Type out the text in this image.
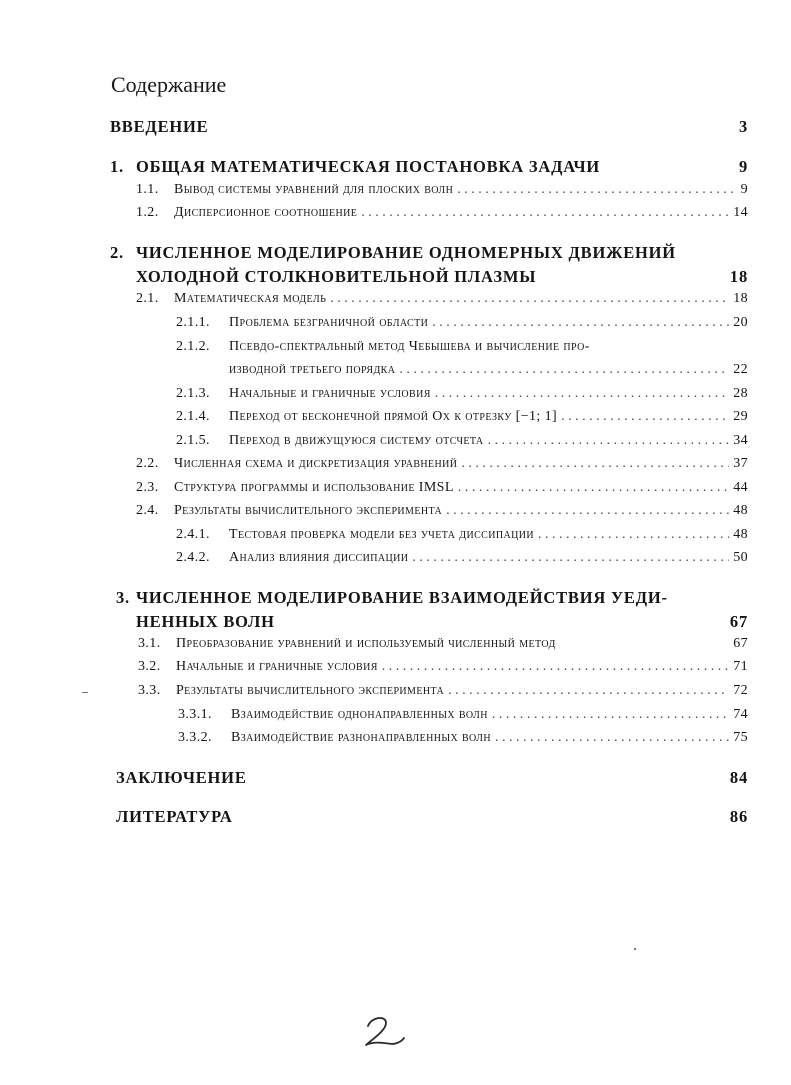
Содержание
ВВЕДЕНИЕ	3
1. ОБЩАЯ МАТЕМАТИЧЕСКАЯ ПОСТАНОВКА ЗАДАЧИ	9
1.1.	Вывод системы уравнений для плоских волн . . .	9
1.2.	Дисперсионное соотношение . . .	14
2. ЧИСЛЕННОЕ МОДЕЛИРОВАНИЕ ОДНОМЕРНЫХ ДВИЖЕНИЙ
ХОЛОДНОЙ СТОЛКНОВИТЕЛЬНОЙ ПЛАЗМЫ	18
2.1.	Математическая модель . . .	18
2.1.1.	Проблема безграничной области . . .	20
2.1.2.	Псевдо-спектральный метод Чебышева и вычисление про-
изводной третьего порядка . . .	22
2.1.3.	Начальные и граничные условия . . .	28
2.1.4.	Переход от бесконечной прямой Ox к отрезку [−1; 1] . . .	29
2.1.5.	Переход в движущуюся систему отсчета . . .	34
2.2.	Численная схема и дискретизация уравнений . . .	37
2.3.	Структура программы и использование IMSL . . .	44
2.4.	Результаты вычислительного эксперимента . . .	48
2.4.1.	Тестовая проверка модели без учета диссипации . . .	48
2.4.2.	Анализ влияния диссипации . . .	50
3. ЧИСЛЕННОЕ МОДЕЛИРОВАНИЕ ВЗАИМОДЕЙСТВИЯ УЕДИ-
НЕННЫХ ВОЛН	67
3.1.	Преобразование уравнений и используемый численный метод	67
3.2.	Начальные и граничные условия . . .	71
3.3.	Результаты вычислительного эксперимента . . .	72
3.3.1.	Взаимодействие однонаправленных волн . . .	74
3.3.2.	Взаимодействие разнонаправленных волн . . .	75
ЗАКЛЮЧЕНИЕ	84
ЛИТЕРАТУРА	86
